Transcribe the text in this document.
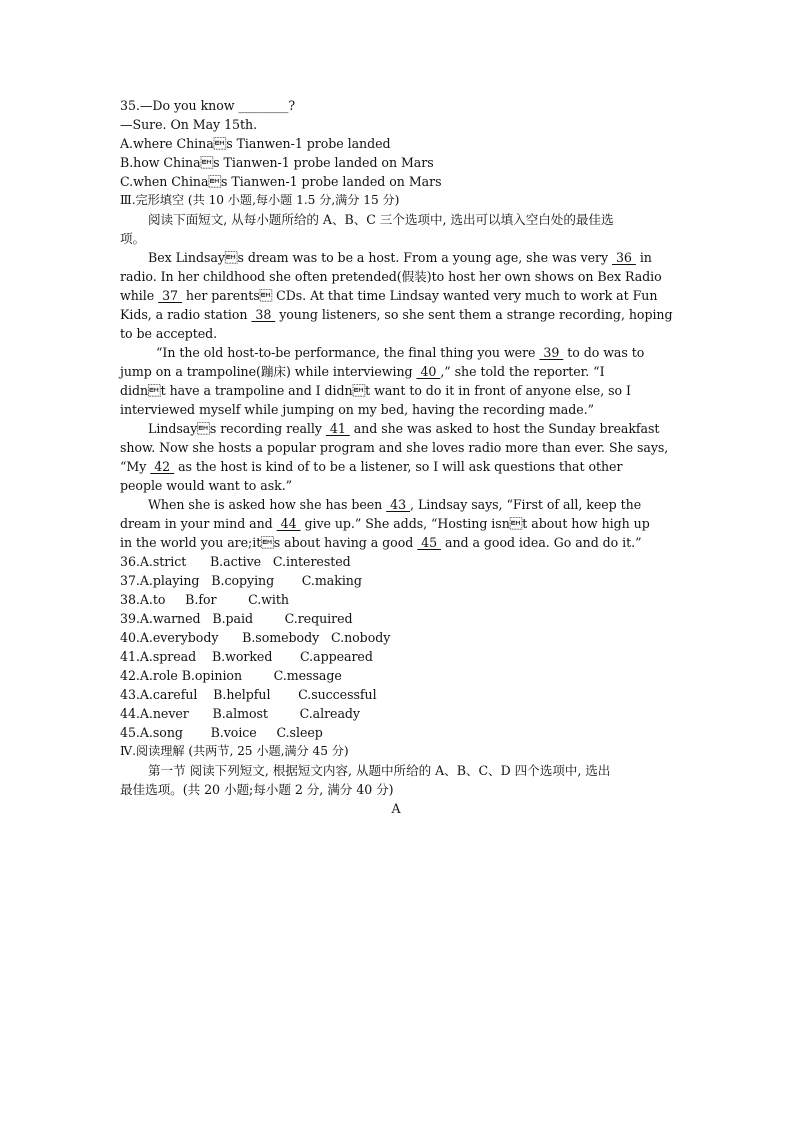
35.—Do you know ________?
—Sure. On May 15th.
A.where Chinas Tianwen-1 probe landed
B.how Chinas Tianwen-1 probe landed on Mars
C.when Chinas Tianwen-1 probe landed on Mars
Ⅲ.完形填空 (共 10 小题,每小题 1.5 分,满分 15 分)
阅读下面短文, 从每小题所给的 A、B、C 三个选项中, 选出可以填入空白处的最佳选
项。
Bex Lindsays dream was to be a host. From a young age, she was very  36  in
radio. In her childhood she often pretended(假装)to host her own shows on Bex Radio
while  37  her parents CDs. At that time Lindsay wanted very much to work at Fun
Kids, a radio station  38  young listeners, so she sent them a strange recording, hoping
to be accepted.
“In the old host-to-be performance, the final thing you were  39  to do was to
jump on a trampoline(蹦床) while interviewing  40 ,” she told the reporter. “I
didnt have a trampoline and I didnt want to do it in front of anyone else, so I
interviewed myself while jumping on my bed, having the recording made.”
Lindsays recording really  41  and she was asked to host the Sunday breakfast
show. Now she hosts a popular program and she loves radio more than ever. She says,
“My  42  as the host is kind of to be a listener, so I will ask questions that other
people would want to ask.”
When she is asked how she has been  43 , Lindsay says, “First of all, keep the
dream in your mind and  44  give up.” She adds, “Hosting isnt about how high up
in the world you are;its about having a good  45  and a good idea. Go and do it.”
36.A.strict      B.active   C.interested
37.A.playing   B.copying       C.making
38.A.to     B.for        C.with
39.A.warned   B.paid        C.required
40.A.everybody      B.somebody   C.nobody
41.A.spread    B.worked       C.appeared
42.A.role B.opinion        C.message
43.A.careful    B.helpful       C.successful
44.A.never      B.almost        C.already
45.A.song       B.voice     C.sleep
Ⅳ.阅读理解 (共两节, 25 小题,满分 45 分)
第一节 阅读下列短文, 根据短文内容, 从题中所给的 A、B、C、D 四个选项中, 选出
最佳选项。(共 20 小题;每小题 2 分, 满分 40 分)
A
